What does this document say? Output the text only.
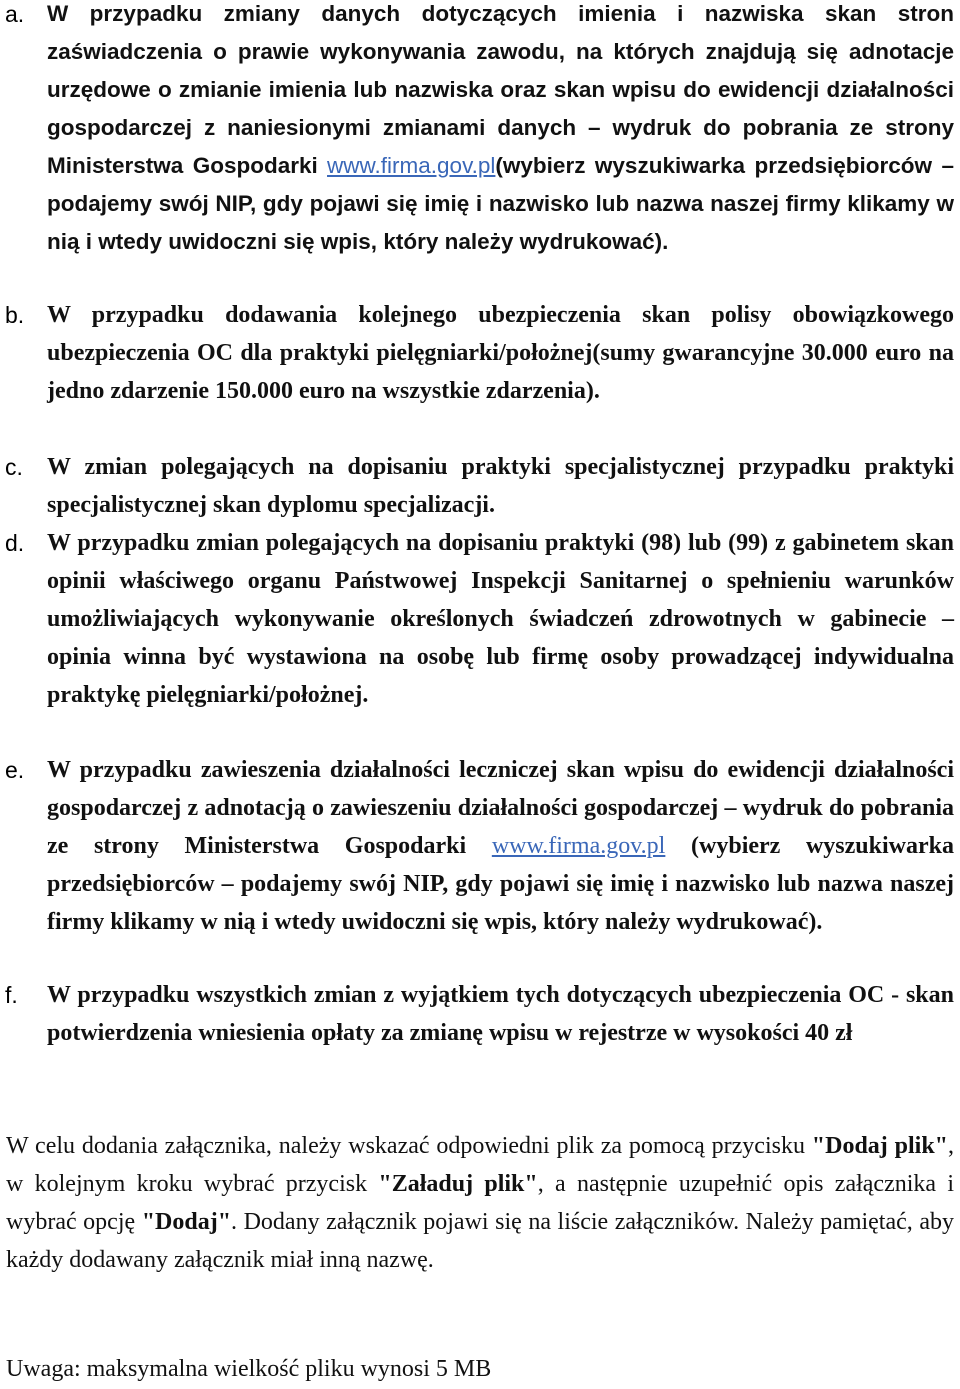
a. W przypadku zmiany danych dotyczących imienia i nazwiska skan stron zaświadczenia o prawie wykonywania zawodu, na których znajdują się adnotacje urzędowe o zmianie imienia lub nazwiska oraz skan wpisu do ewidencji działalności gospodarczej z naniesionymi zmianami danych – wydruk do pobrania ze strony Ministerstwa Gospodarki www.firma.gov.pl(wybierz wyszukiwarka przedsiębiorców – podajemy swój NIP, gdy pojawi się imię i nazwisko lub nazwa naszej firmy klikamy w nią i wtedy uwidoczni się wpis, który należy wydrukować).
b. W przypadku dodawania kolejnego ubezpieczenia skan polisy obowiązkowego ubezpieczenia OC dla praktyki pielęgniarki/położnej(sumy gwarancyjne 30.000 euro na jedno zdarzenie 150.000 euro na wszystkie zdarzenia).
c. W zmian polegających na dopisaniu praktyki specjalistycznej przypadku praktyki specjalistycznej skan dyplomu specjalizacji.
d. W przypadku zmian polegających na dopisaniu praktyki (98) lub (99) z gabinetem skan opinii właściwego organu Państwowej Inspekcji Sanitarnej o spełnieniu warunków umożliwiających wykonywanie określonych świadczeń zdrowotnych w gabinecie – opinia winna być wystawiona na osobę lub firmę osoby prowadzącej indywidualna praktykę pielęgniarki/położnej.
e. W przypadku zawieszenia działalności leczniczej skan wpisu do ewidencji działalności gospodarczej z adnotacją o zawieszeniu działalności gospodarczej – wydruk do pobrania ze strony Ministerstwa Gospodarki www.firma.gov.pl (wybierz wyszukiwarka przedsiębiorców – podajemy swój NIP, gdy pojawi się imię i nazwisko lub nazwa naszej firmy klikamy w nią i wtedy uwidoczni się wpis, który należy wydrukować).
f. W przypadku wszystkich zmian z wyjątkiem tych dotyczących ubezpieczenia OC - skan potwierdzenia wniesienia opłaty za zmianę wpisu w rejestrze w wysokości 40 zł

W celu dodania załącznika, należy wskazać odpowiedni plik za pomocą przycisku "Dodaj plik", w kolejnym kroku wybrać przycisk "Załaduj plik", a następnie uzupełnić opis załącznika i wybrać opcję "Dodaj". Dodany załącznik pojawi się na liście załączników. Należy pamiętać, aby każdy dodawany załącznik miał inną nazwę.

Uwaga: maksymalna wielkość pliku wynosi 5 MB
